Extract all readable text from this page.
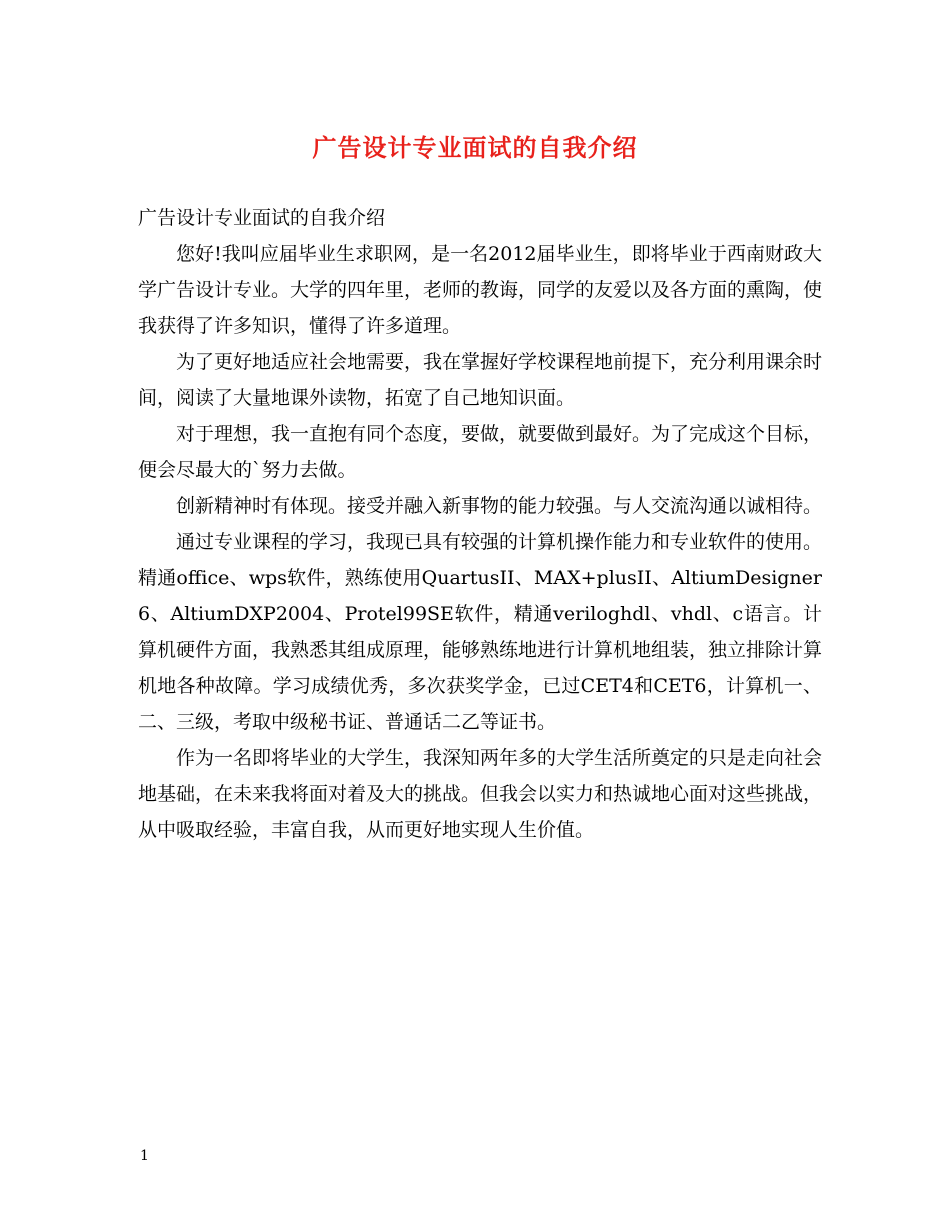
广告设计专业面试的自我介绍

广告设计专业面试的自我介绍

您好!我叫应届毕业生求职网，是一名2012届毕业生，即将毕业于西南财政大学广告设计专业。大学的四年里，老师的教诲，同学的友爱以及各方面的熏陶，使我获得了许多知识，懂得了许多道理。

为了更好地适应社会地需要，我在掌握好学校课程地前提下，充分利用课余时间，阅读了大量地课外读物，拓宽了自己地知识面。

对于理想，我一直抱有同个态度，要做，就要做到最好。为了完成这个目标，便会尽最大的`努力去做。

创新精神时有体现。接受并融入新事物的能力较强。与人交流沟通以诚相待。

通过专业课程的学习，我现已具有较强的计算机操作能力和专业软件的使用。精通office、wps软件，熟练使用QuartusII、MAX+plusII、AltiumDesigner6、AltiumDXP2004、Protel99SE软件，精通veriloghdl、vhdl、c语言。计算机硬件方面，我熟悉其组成原理，能够熟练地进行计算机地组装，独立排除计算机地各种故障。学习成绩优秀，多次获奖学金，已过CET4和CET6，计算机一、二、三级，考取中级秘书证、普通话二乙等证书。

作为一名即将毕业的大学生，我深知两年多的大学生活所奠定的只是走向社会地基础，在未来我将面对着及大的挑战。但我会以实力和热诚地心面对这些挑战，从中吸取经验，丰富自我，从而更好地实现人生价值。

1
